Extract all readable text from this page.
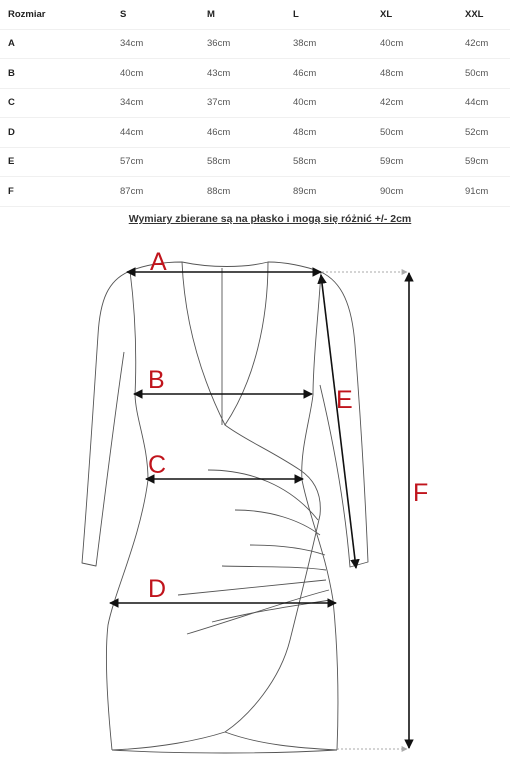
Rozmiar	S	M	L	XL	XXL
A	34cm	36cm	38cm	40cm	42cm
B	40cm	43cm	46cm	48cm	50cm
C	34cm	37cm	40cm	42cm	44cm
D	44cm	46cm	48cm	50cm	52cm
E	57cm	58cm	58cm	59cm	59cm
F	87cm	88cm	89cm	90cm	91cm
Wymiary zbierane są na płasko i mogą się różnić +/- 2cm
A
B
C
D
E
F
